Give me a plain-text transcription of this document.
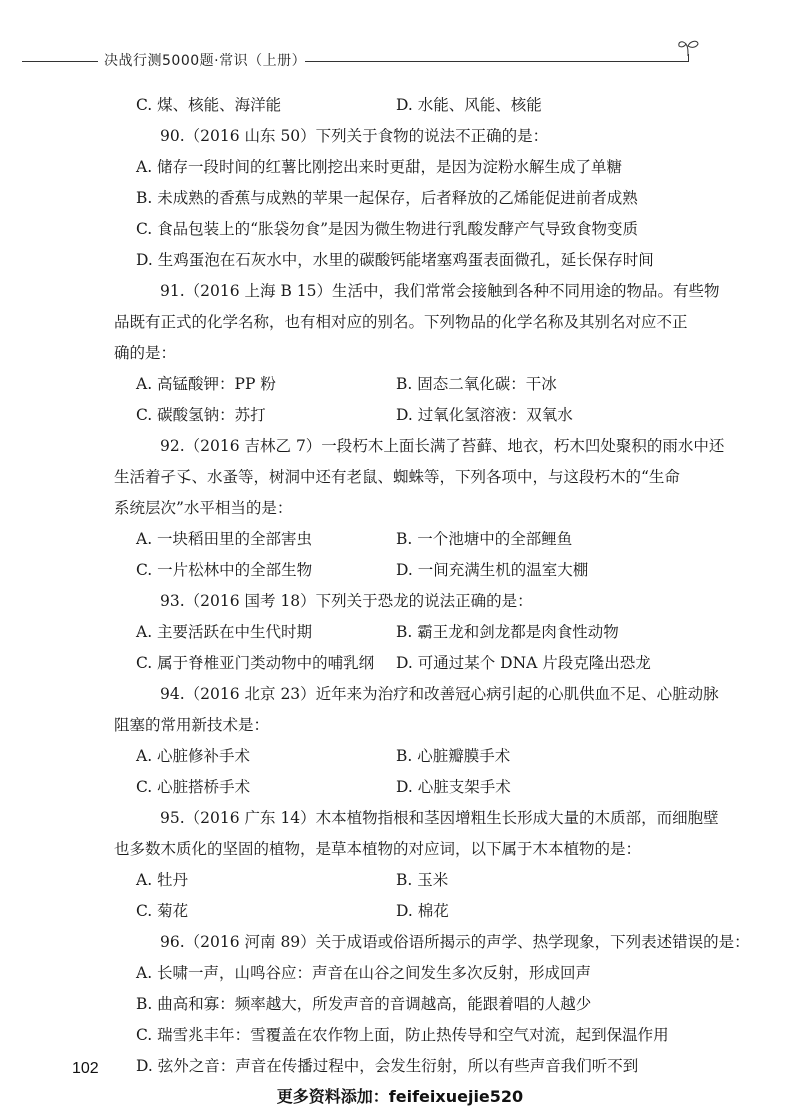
决战行测5000题·常识（上册）
C. 煤、核能、海洋能	D. 水能、风能、核能
90.（2016 山东 50）下列关于食物的说法不正确的是：
A. 储存一段时间的红薯比刚挖出来时更甜，是因为淀粉水解生成了单糖
B. 未成熟的香蕉与成熟的苹果一起保存，后者释放的乙烯能促进前者成熟
C. 食品包装上的“胀袋勿食”是因为微生物进行乳酸发酵产气导致食物变质
D. 生鸡蛋泡在石灰水中，水里的碳酸钙能堵塞鸡蛋表面微孔，延长保存时间
91.（2016 上海 B 15）生活中，我们常常会接触到各种不同用途的物品。有些物
品既有正式的化学名称，也有相对应的别名。下列物品的化学名称及其别名对应不正
确的是：
A. 高锰酸钾：PP 粉	B. 固态二氧化碳：干冰
C. 碳酸氢钠：苏打	D. 过氧化氢溶液：双氧水
92.（2016 吉林乙 7）一段朽木上面长满了苔藓、地衣，朽木凹处聚积的雨水中还
生活着孑孓、水蚤等，树洞中还有老鼠、蜘蛛等，下列各项中，与这段朽木的“生命
系统层次”水平相当的是：
A. 一块稻田里的全部害虫	B. 一个池塘中的全部鲤鱼
C. 一片松林中的全部生物	D. 一间充满生机的温室大棚
93.（2016 国考 18）下列关于恐龙的说法正确的是：
A. 主要活跃在中生代时期	B. 霸王龙和剑龙都是肉食性动物
C. 属于脊椎亚门类动物中的哺乳纲 D. 可通过某个 DNA 片段克隆出恐龙
94.（2016 北京 23）近年来为治疗和改善冠心病引起的心肌供血不足、心脏动脉
阻塞的常用新技术是：
A. 心脏修补手术	B. 心脏瓣膜手术
C. 心脏搭桥手术	D. 心脏支架手术
95.（2016 广东 14）木本植物指根和茎因增粗生长形成大量的木质部，而细胞壁
也多数木质化的坚固的植物，是草本植物的对应词，以下属于木本植物的是：
A. 牡丹	B. 玉米
C. 菊花	D. 棉花
96.（2016 河南 89）关于成语或俗语所揭示的声学、热学现象，下列表述错误的是：
A. 长啸一声，山鸣谷应：声音在山谷之间发生多次反射，形成回声
B. 曲高和寡：频率越大，所发声音的音调越高，能跟着唱的人越少
C. 瑞雪兆丰年：雪覆盖在农作物上面，防止热传导和空气对流，起到保温作用
D. 弦外之音：声音在传播过程中，会发生衍射，所以有些声音我们听不到
102
更多资料添加：feifeixuejie520
